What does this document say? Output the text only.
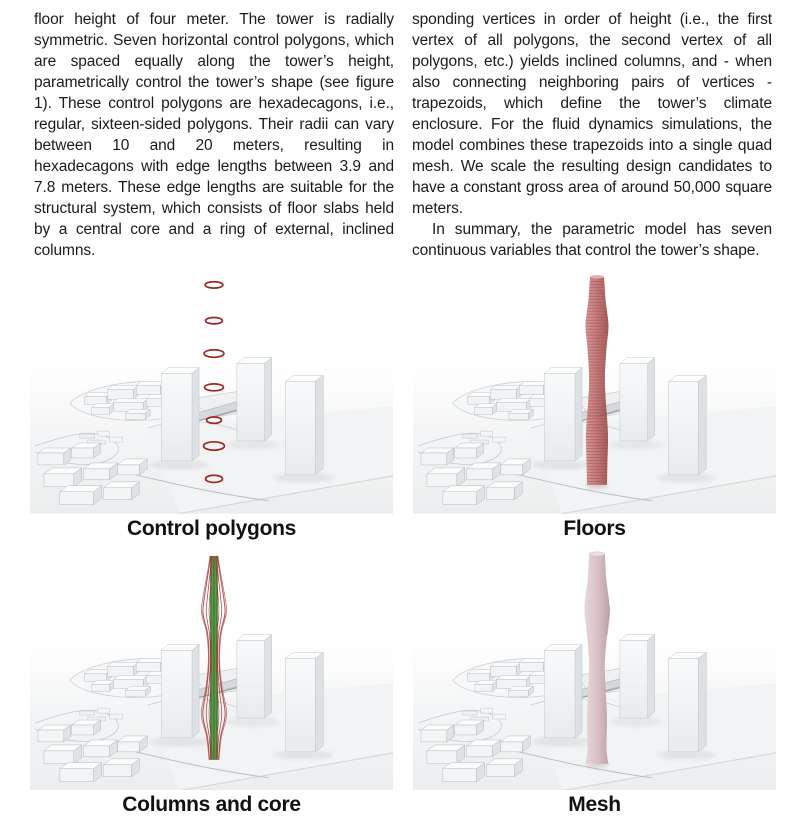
floor height of four meter. The tower is radially symmetric. Seven horizontal control polygons, which are spaced equally along the tower’s height, parametrically control the tower’s shape (see figure 1). These control polygons are hexadecagons, i.e., regular, sixteen-sided polygons. Their radii can vary between 10 and 20 meters, resulting in hexadecagons with edge lengths between 3.9 and 7.8 meters. These edge lengths are suitable for the structural system, which consists of floor slabs held by a central core and a ring of external, inclined columns.

sponding vertices in order of height (i.e., the first vertex of all polygons, the second vertex of all polygons, etc.) yields inclined columns, and - when also connecting neighboring pairs of vertices - trapezoids, which define the tower’s climate enclosure. For the fluid dynamics simulations, the model combines these trapezoids into a single quad mesh. We scale the resulting design candidates to have a constant gross area of around 50,000 square meters.

In summary, the parametric model has seven continuous variables that control the tower’s shape.

Control polygons	Floors
Columns and core	Mesh
